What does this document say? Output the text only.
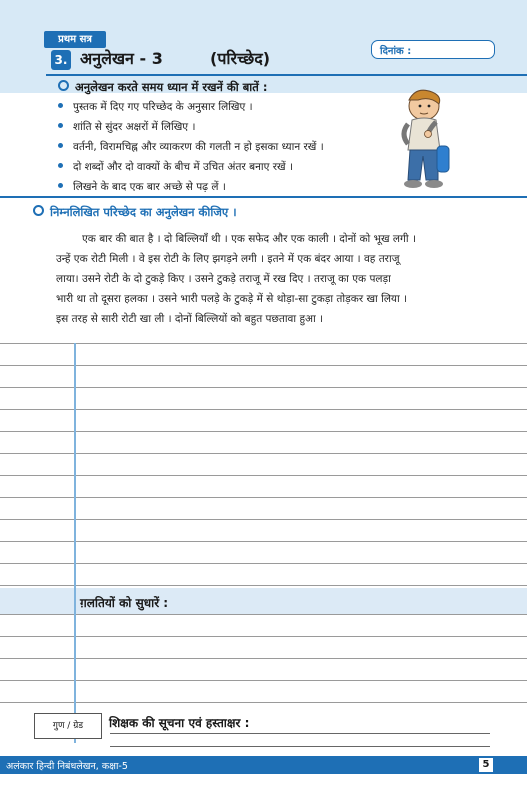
प्रथम सत्र
3. अनुलेखन - 3	(परिच्छेद)	दिनांक :
अनुलेखन करते समय ध्यान में रखनें की बातें :
पुस्तक में दिए गए परिच्छेद के अनुसार लिखिए ।
शांति से सुंदर अक्षरों में लिखिए ।
वर्तनी, विरामचिह्न और व्याकरण की गलती न हो इसका ध्यान रखें ।
दो शब्दों और दो वाक्यों के बीच में उचित अंतर बनाए रखें ।
लिखने के बाद एक बार अच्छे से पढ़ लें ।
निम्नलिखित परिच्छेद का अनुलेखन कीजिए ।
एक बार की बात है । दो बिल्लियाँ थी । एक सफेद और एक काली । दोनों को भूख लगी ।
उन्हें एक रोटी मिली । वे इस रोटी के लिए झगड़ने लगी । इतने में एक बंदर आया । वह तराजू
लाया। उसने रोटी के दो टुकड़े किए । उसने टुकड़े तराजू में रख दिए । तराजू का एक पलड़ा
भारी था तो दूसरा हलका । उसने भारी पलड़े के टुकड़े में से थोड़ा-सा टुकड़ा तोड़कर खा लिया ।
इस तरह से सारी रोटी खा ली । दोनों बिल्लियों को बहुत पछतावा हुआ ।
ग़लतियों को सुधारें :
गुण / ग्रेड	शिक्षक की सूचना एवं हस्ताक्षर :
अलंकार हिन्दी निबंधलेखन, कक्षा-5	5
